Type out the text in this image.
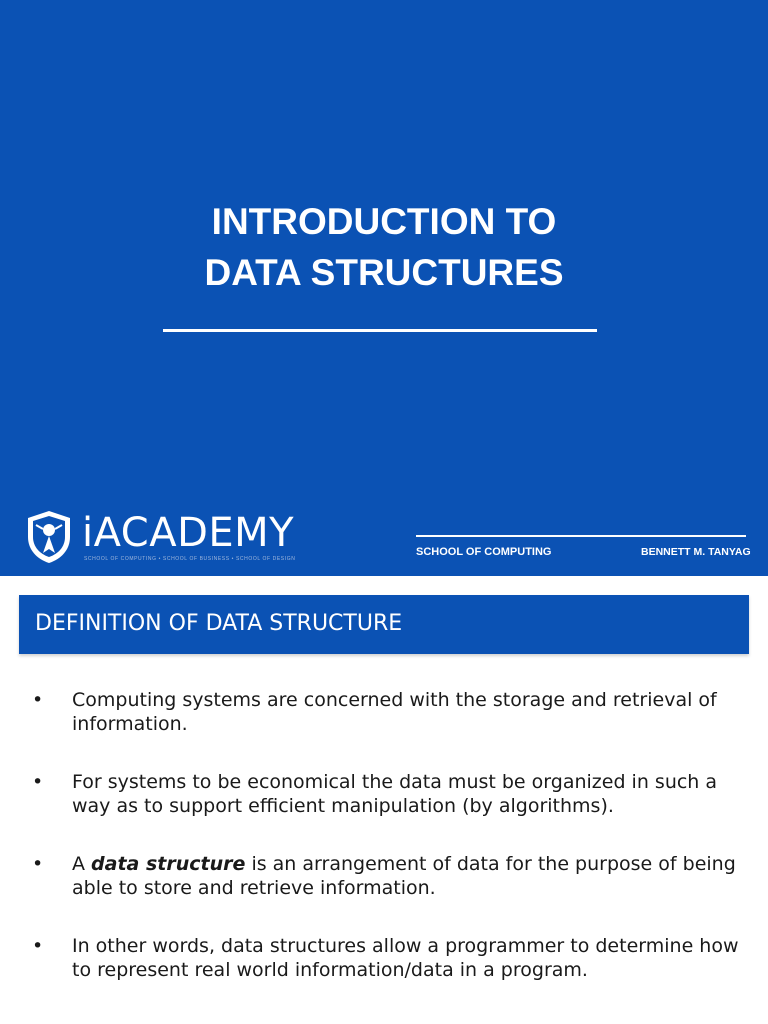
INTRODUCTION TO
DATA STRUCTURES
iACADEMY
SCHOOL OF COMPUTING • SCHOOL OF BUSINESS • SCHOOL OF DESIGN
SCHOOL OF COMPUTING	BENNETT M. TANYAG
DEFINITION OF DATA STRUCTURE
• Computing systems are concerned with the storage and retrieval of information.
• For systems to be economical the data must be organized in such a way as to support efficient manipulation (by algorithms).
• A data structure is an arrangement of data for the purpose of being able to store and retrieve information.
• In other words, data structures allow a programmer to determine how to represent real world information/data in a program.
